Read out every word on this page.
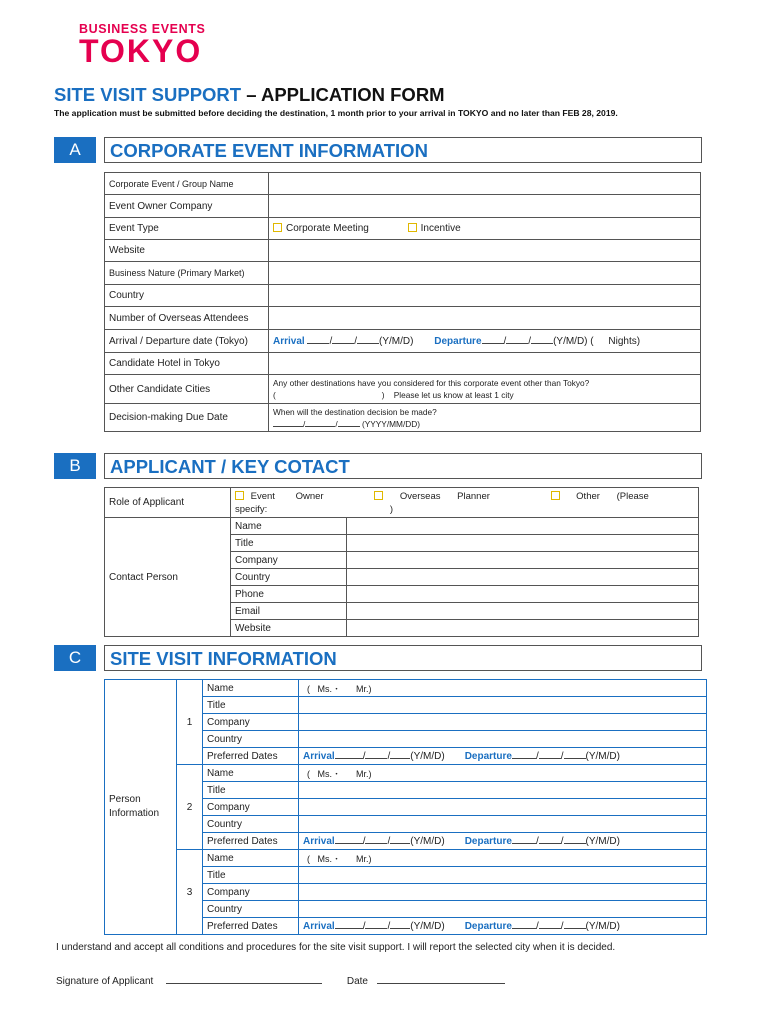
BUSINESS EVENTS
TOKYO
SITE VISIT SUPPORT – APPLICATION FORM
The application must be submitted before deciding the destination, 1 month prior to your arrival in TOKYO and no later than FEB 28, 2019.
A	CORPORATE EVENT INFORMATION
Corporate Event / Group Name	
Event Owner Company	
Event Type	Corporate Meeting Incentive
Website	
Business Nature (Primary Market)	
Country	
Number of Overseas Attendees	
Arrival / Departure date (Tokyo)	Arrival / / (Y/M/D) Departure / / (Y/M/D) ( Nights)
Candidate Hotel in Tokyo	
Other Candidate Cities	Any other destinations have you considered for this corporate event other than Tokyo?
( )    Please let us know at least 1 city

Decision-making Due Date	When will the destination decision be made?
/ / (YYYY/MM/DD)
B	APPLICANT / KEY COTACT
Role of Applicant	Event Owner Overseas Planner Other (Please
specify: )	

Contact Person	Name	
	Title	
	Company	
	Country	
	Phone	
	Email	
	Website	
C	SITE VISIT INFORMATION
Person
Information	1	Name	( Ms.・ Mr.)
		Title	
		Company	
		Country	
		Preferred Dates	Arrival / / (Y/M/D) Departure / / (Y/M/D)
	2	Name	( Ms.・ Mr.)
		Title	
		Company	
		Country	
		Preferred Dates	Arrival / / (Y/M/D) Departure / / (Y/M/D)
	3	Name	( Ms.・ Mr.)
		Title	
		Company	
		Country	
		Preferred Dates	Arrival / / (Y/M/D) Departure / / (Y/M/D)
I understand and accept all conditions and procedures for the site visit support. I will report the selected city when it is decided.
Signature of Applicant	Date
